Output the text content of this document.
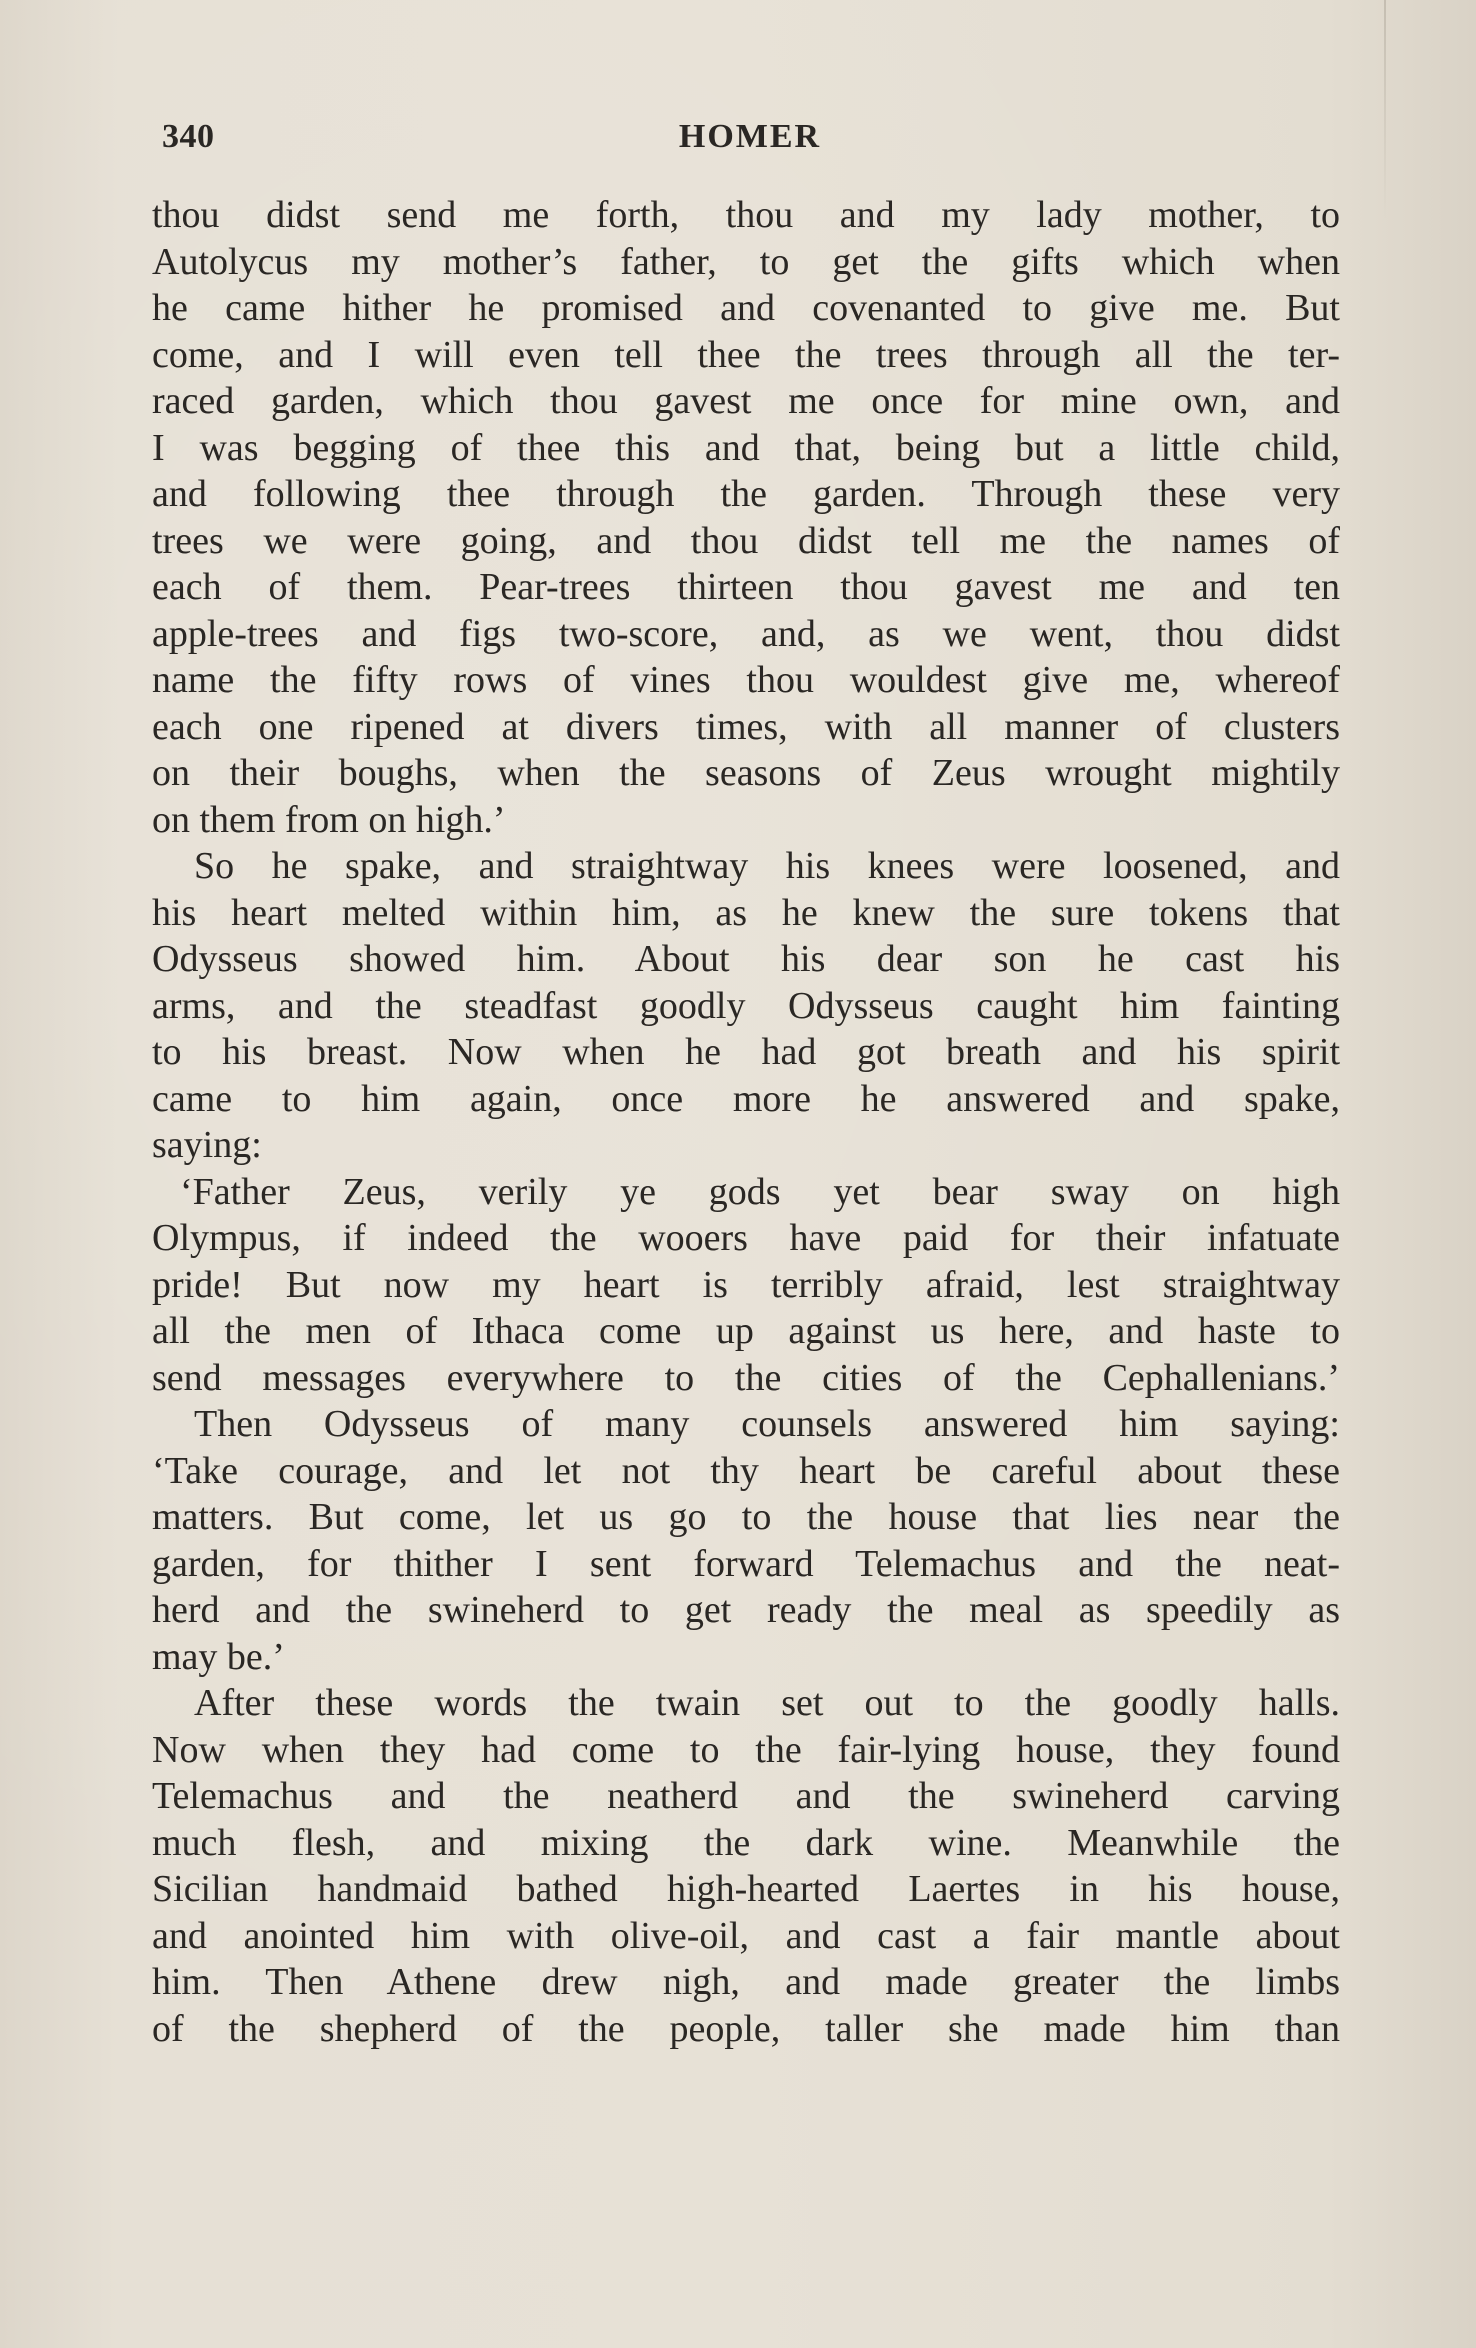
340	HOMER
thou didst send me forth, thou and my lady mother, to
Autolycus my mother’s father, to get the gifts which when
he came hither he promised and covenanted to give me. But
come, and I will even tell thee the trees through all the ter-
raced garden, which thou gavest me once for mine own, and
I was begging of thee this and that, being but a little child,
and following thee through the garden. Through these very
trees we were going, and thou didst tell me the names of
each of them. Pear-trees thirteen thou gavest me and ten
apple-trees and figs two-score, and, as we went, thou didst
name the fifty rows of vines thou wouldest give me, whereof
each one ripened at divers times, with all manner of clusters
on their boughs, when the seasons of Zeus wrought mightily
on them from on high.’
So he spake, and straightway his knees were loosened, and
his heart melted within him, as he knew the sure tokens that
Odysseus showed him. About his dear son he cast his
arms, and the steadfast goodly Odysseus caught him fainting
to his breast. Now when he had got breath and his spirit
came to him again, once more he answered and spake,
saying:
‘Father Zeus, verily ye gods yet bear sway on high
Olympus, if indeed the wooers have paid for their infatuate
pride! But now my heart is terribly afraid, lest straightway
all the men of Ithaca come up against us here, and haste to
send messages everywhere to the cities of the Cephallenians.’
Then Odysseus of many counsels answered him saying:
‘Take courage, and let not thy heart be careful about these
matters. But come, let us go to the house that lies near the
garden, for thither I sent forward Telemachus and the neat-
herd and the swineherd to get ready the meal as speedily as
may be.’
After these words the twain set out to the goodly halls.
Now when they had come to the fair-lying house, they found
Telemachus and the neatherd and the swineherd carving
much flesh, and mixing the dark wine. Meanwhile the
Sicilian handmaid bathed high-hearted Laertes in his house,
and anointed him with olive-oil, and cast a fair mantle about
him. Then Athene drew nigh, and made greater the limbs
of the shepherd of the people, taller she made him than
